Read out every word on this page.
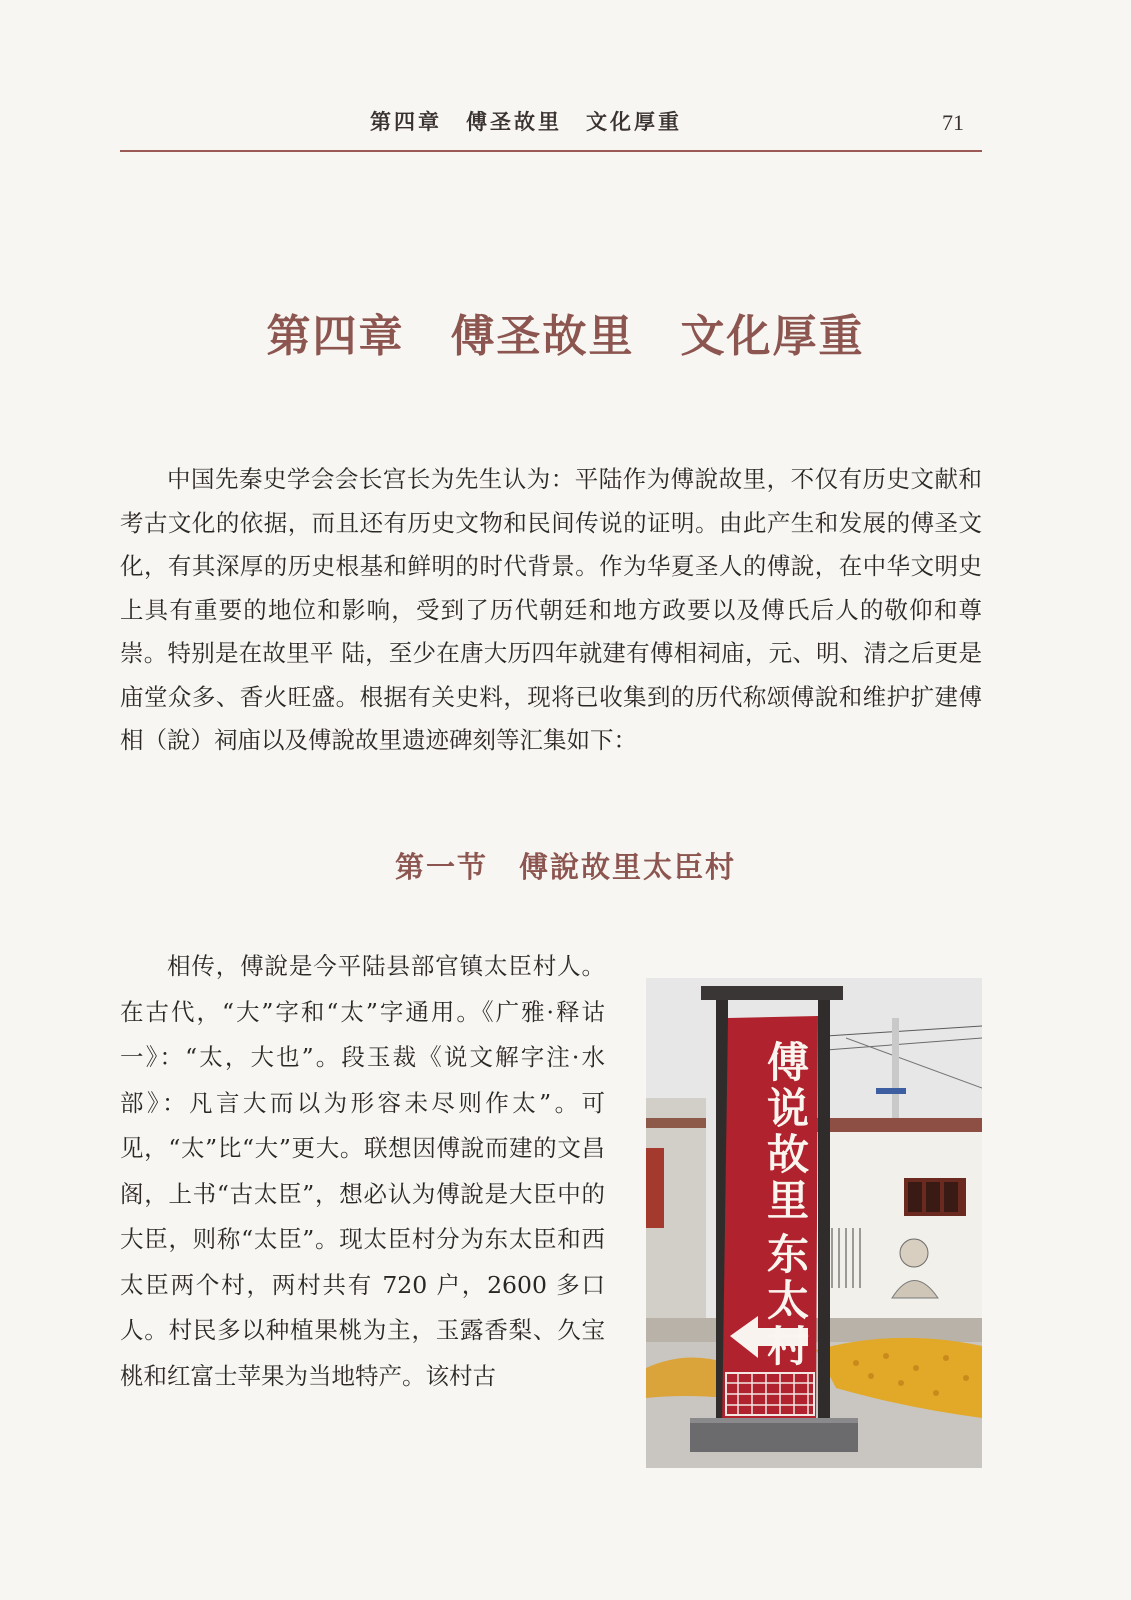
第四章　傅圣故里　文化厚重	71
第四章　傅圣故里　文化厚重

中国先秦史学会会长宫长为先生认为：平陆作为傅說故里，不仅有历史文献和考古文化的依据，而且还有历史文物和民间传说的证明。由此产生和发展的傅圣文化，有其深厚的历史根基和鲜明的时代背景。作为华夏圣人的傅說，在中华文明史上具有重要的地位和影响，受到了历代朝廷和地方政要以及傅氏后人的敬仰和尊崇。特别是在故里平 陆，至少在唐大历四年就建有傅相祠庙，元、明、清之后更是庙堂众多、香火旺盛。根据有关史料，现将已收集到的历代称颂傅說和维护扩建傅相（說）祠庙以及傅說故里遗迹碑刻等汇集如下：

第一节　傅說故里太臣村

相传，傅說是今平陆县部官镇太臣村人。在古代，“大”字和“太”字通用。《广雅·释诂一》：“太，大也”。段玉裁《说文解字注·水部》：凡言大而以为形容未尽则作太”。可见，“太”比“大”更大。联想因傅說而建的文昌阁，上书“古太臣”，想必认为傅說是大臣中的大臣，则称“太臣”。现太臣村分为东太臣和西太臣两个村，两村共有 720 户，2600 多口人。村民多以种植果桃为主，玉露香梨、久宝桃和红富士苹果为当地特产。该村古

傅说故里
东太村
